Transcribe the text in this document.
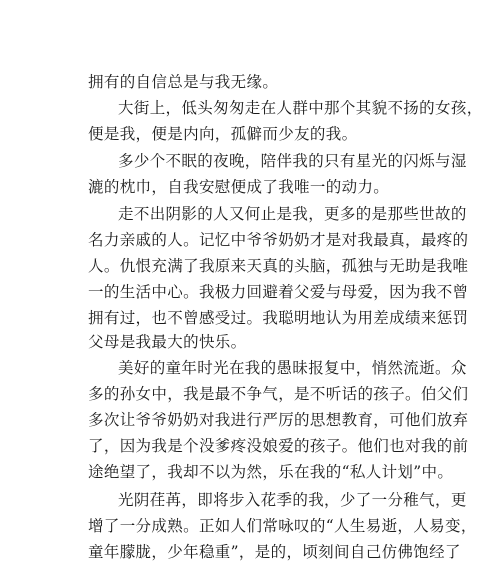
拥有的自信总是与我无缘。
大街上，低头匆匆走在人群中那个其貌不扬的女孩，
便是我，便是内向，孤僻而少友的我。
多少个不眠的夜晚，陪伴我的只有星光的闪烁与湿
漉的枕巾，自我安慰便成了我唯一的动力。
走不出阴影的人又何止是我，更多的是那些世故的
名力亲戚的人。记忆中爷爷奶奶才是对我最真，最疼的
人。仇恨充满了我原来天真的头脑，孤独与无助是我唯
一的生活中心。我极力回避着父爱与母爱，因为我不曾
拥有过，也不曾感受过。我聪明地认为用差成绩来惩罚
父母是我最大的快乐。
美好的童年时光在我的愚昧报复中，悄然流逝。众
多的孙女中，我是最不争气，是不听话的孩子。伯父们
多次让爷爷奶奶对我进行严厉的思想教育，可他们放弃
了，因为我是个没爹疼没娘爱的孩子。他们也对我的前
途绝望了，我却不以为然，乐在我的“私人计划”中。
光阴荏苒，即将步入花季的我，少了一分稚气，更
增了一分成熟。正如人们常咏叹的“人生易逝，人易变，
童年朦胧，少年稳重”，是的，顷刻间自己仿佛饱经了
